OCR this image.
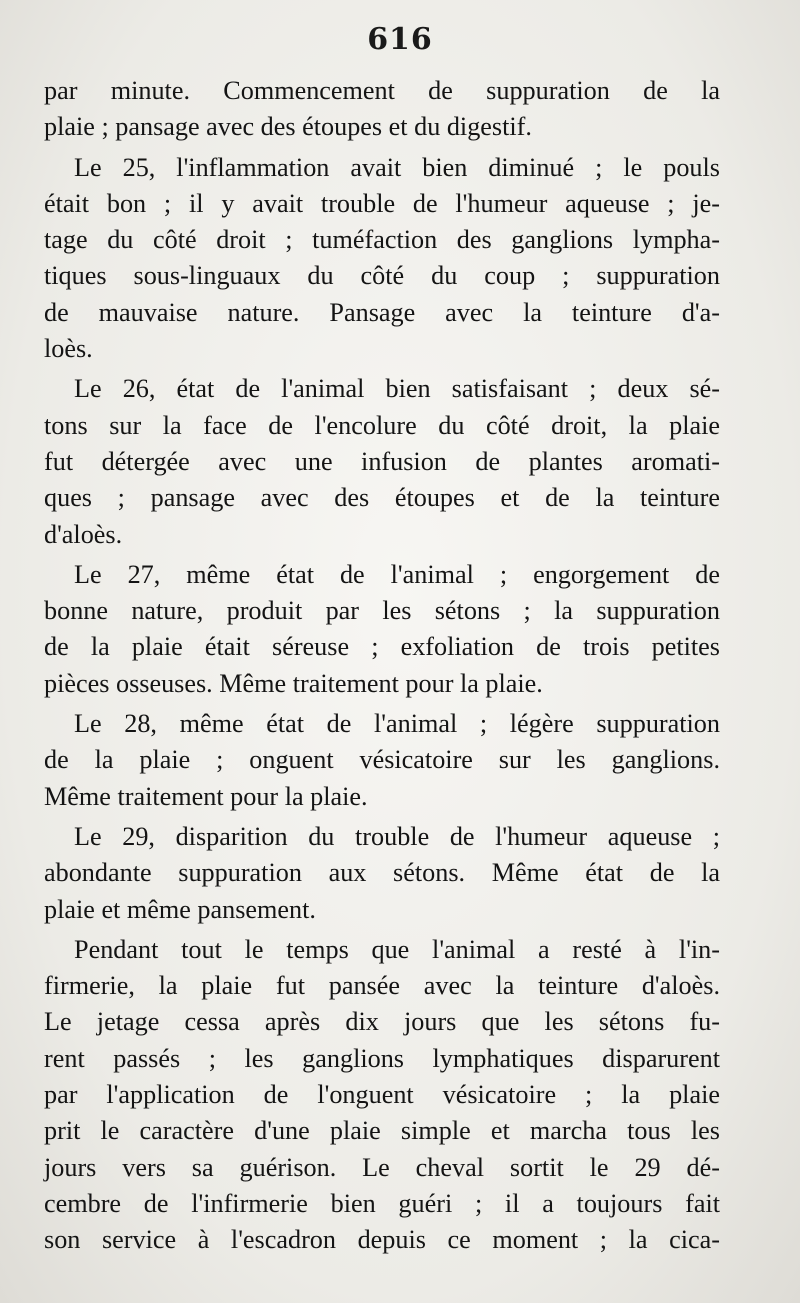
616
par minute. Commencement de suppuration de la
plaie ; pansage avec des étoupes et du digestif.
Le 25, l'inflammation avait bien diminué ; le pouls
était bon ; il y avait trouble de l'humeur aqueuse ; je-
tage du côté droit ; tuméfaction des ganglions lympha-
tiques sous-linguaux du côté du coup ; suppuration
de mauvaise nature. Pansage avec la teinture d'a-
loès.
Le 26, état de l'animal bien satisfaisant ; deux sé-
tons sur la face de l'encolure du côté droit, la plaie
fut détergée avec une infusion de plantes aromati-
ques ; pansage avec des étoupes et de la teinture
d'aloès.
Le 27, même état de l'animal ; engorgement de
bonne nature, produit par les sétons ; la suppuration
de la plaie était séreuse ; exfoliation de trois petites
pièces osseuses. Même traitement pour la plaie.
Le 28, même état de l'animal ; légère suppuration
de la plaie ; onguent vésicatoire sur les ganglions.
Même traitement pour la plaie.
Le 29, disparition du trouble de l'humeur aqueuse ;
abondante suppuration aux sétons. Même état de la
plaie et même pansement.
Pendant tout le temps que l'animal a resté à l'in-
firmerie, la plaie fut pansée avec la teinture d'aloès.
Le jetage cessa après dix jours que les sétons fu-
rent passés ; les ganglions lymphatiques disparurent
par l'application de l'onguent vésicatoire ; la plaie
prit le caractère d'une plaie simple et marcha tous les
jours vers sa guérison. Le cheval sortit le 29 dé-
cembre de l'infirmerie bien guéri ; il a toujours fait
son service à l'escadron depuis ce moment ; la cica-
